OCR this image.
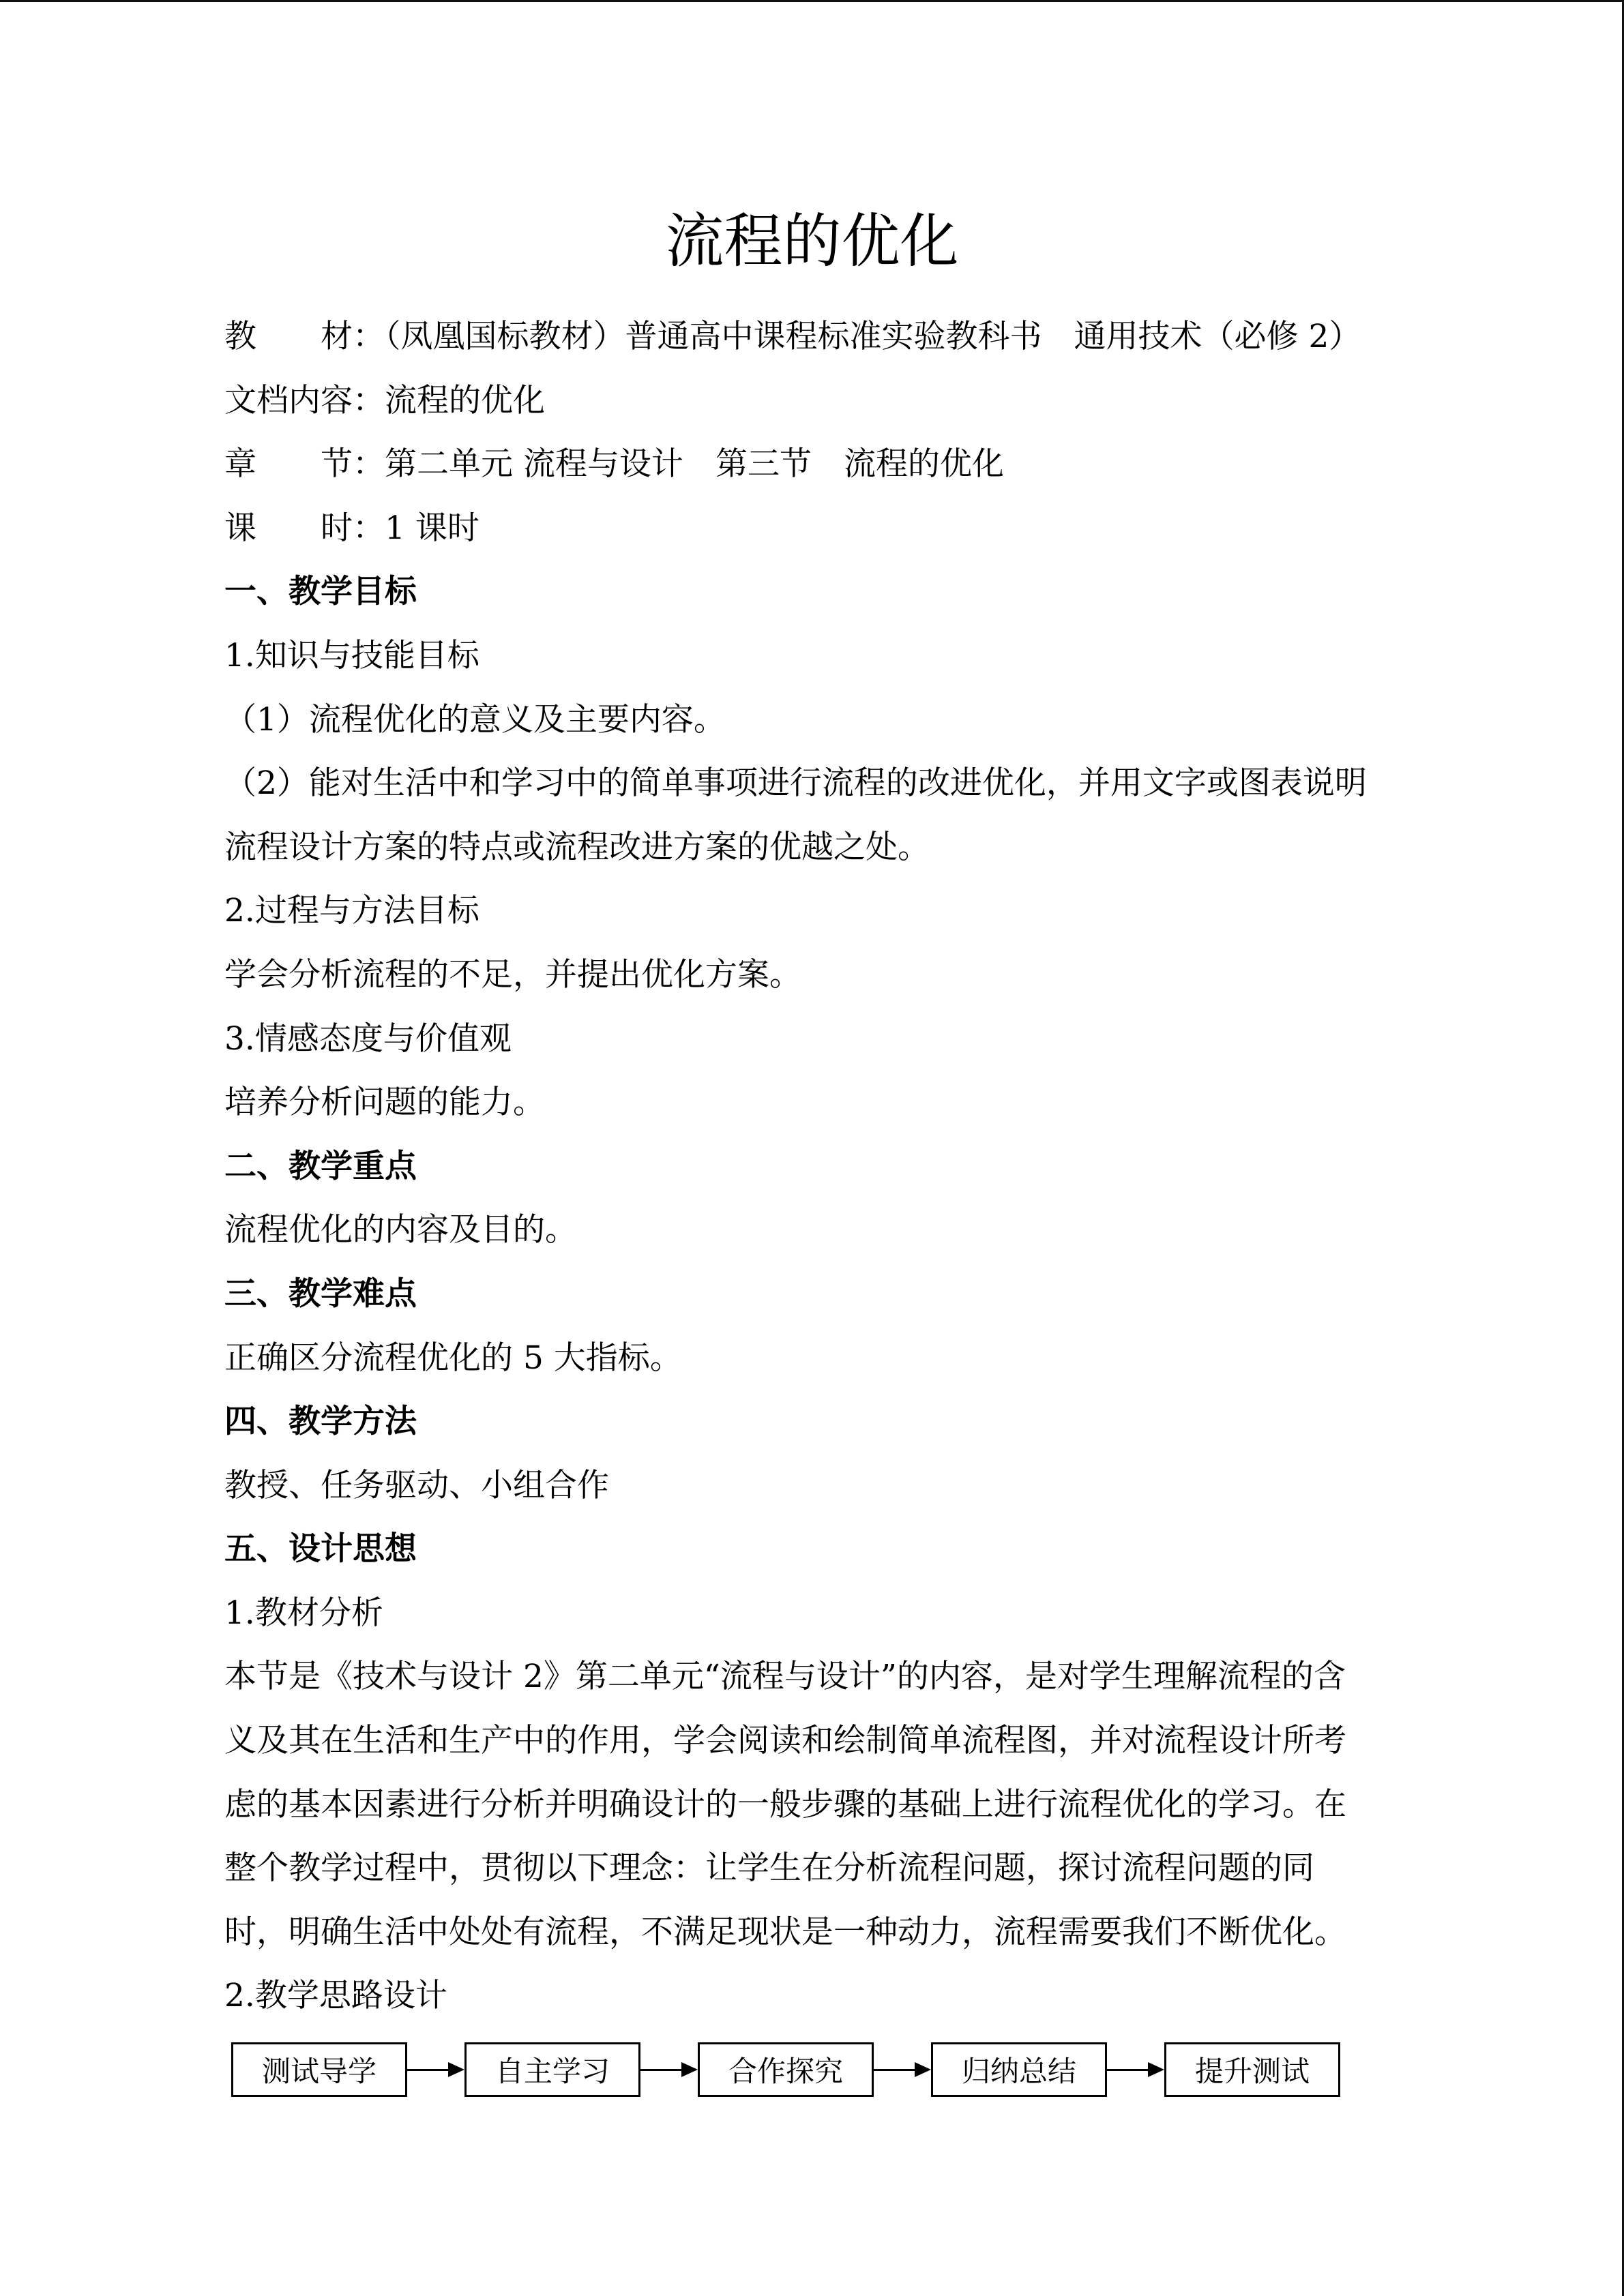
流程的优化
教　　材：（凤凰国标教材）普通高中课程标准实验教科书　通用技术（必修 2）
文档内容：流程的优化
章　　节：第二单元 流程与设计　第三节　流程的优化
课　　时：1 课时
一、教学目标
1.知识与技能目标
（1）流程优化的意义及主要内容。
（2）能对生活中和学习中的简单事项进行流程的改进优化，并用文字或图表说明
流程设计方案的特点或流程改进方案的优越之处。
2.过程与方法目标
学会分析流程的不足，并提出优化方案。
3.情感态度与价值观
培养分析问题的能力。
二、教学重点
流程优化的内容及目的。
三、教学难点
正确区分流程优化的 5 大指标。
四、教学方法
教授、任务驱动、小组合作
五、设计思想
1.教材分析
本节是《技术与设计 2》第二单元“流程与设计”的内容，是对学生理解流程的含
义及其在生活和生产中的作用，学会阅读和绘制简单流程图，并对流程设计所考
虑的基本因素进行分析并明确设计的一般步骤的基础上进行流程优化的学习。在
整个教学过程中，贯彻以下理念：让学生在分析流程问题，探讨流程问题的同
时，明确生活中处处有流程，不满足现状是一种动力，流程需要我们不断优化。
2.教学思路设计
测试导学	自主学习	合作探究	归纳总结	提升测试
